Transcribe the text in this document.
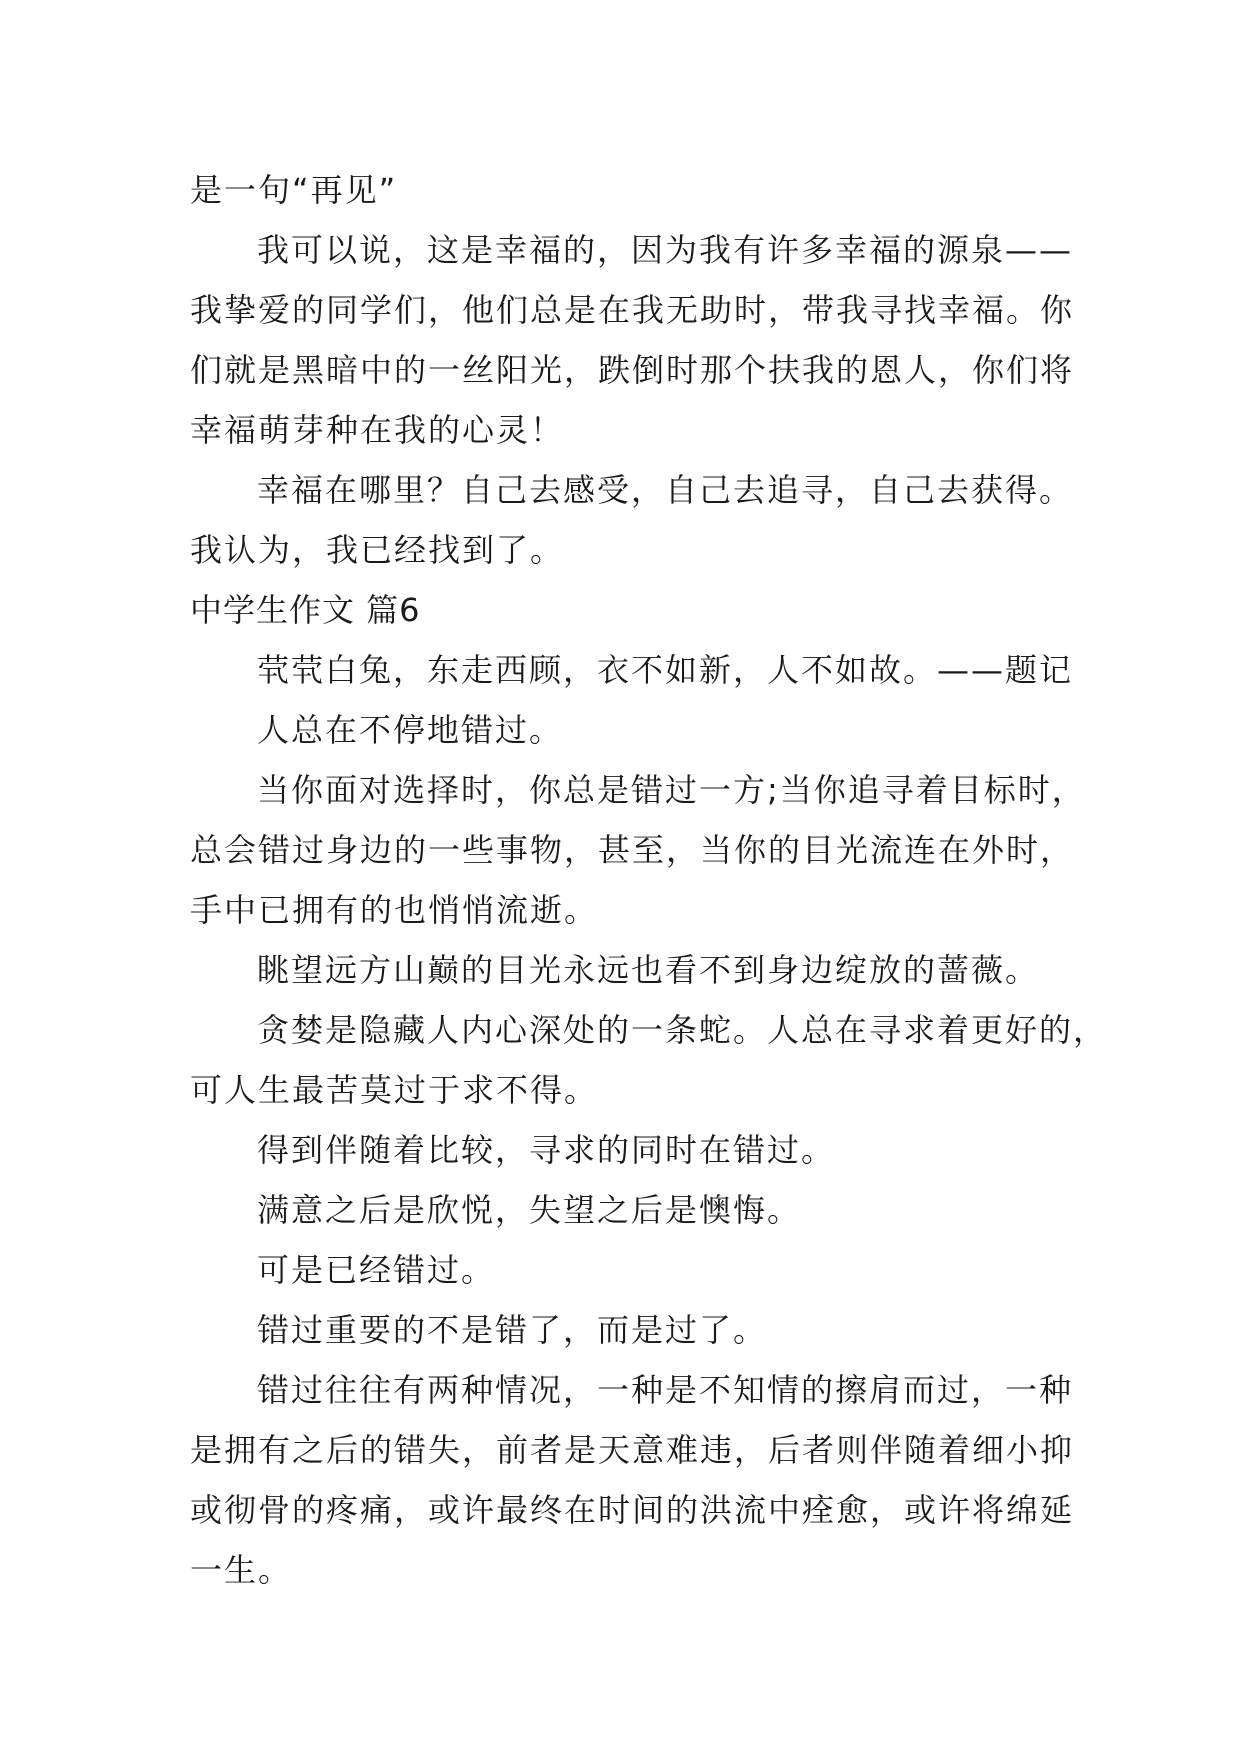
是一句“再见”
我可以说，这是幸福的，因为我有许多幸福的源泉——
我挚爱的同学们，他们总是在我无助时，带我寻找幸福。你
们就是黑暗中的一丝阳光，跌倒时那个扶我的恩人，你们将
幸福萌芽种在我的心灵！
幸福在哪里？自己去感受，自己去追寻，自己去获得。
我认为，我已经找到了。
中学生作文 篇6
茕茕白兔，东走西顾，衣不如新，人不如故。——题记
人总在不停地错过。
当你面对选择时，你总是错过一方;当你追寻着目标时，
总会错过身边的一些事物，甚至，当你的目光流连在外时，
手中已拥有的也悄悄流逝。
眺望远方山巅的目光永远也看不到身边绽放的蔷薇。
贪婪是隐藏人内心深处的一条蛇。人总在寻求着更好的，
可人生最苦莫过于求不得。
得到伴随着比较，寻求的同时在错过。
满意之后是欣悦，失望之后是懊悔。
可是已经错过。
错过重要的不是错了，而是过了。
错过往往有两种情况，一种是不知情的擦肩而过，一种
是拥有之后的错失，前者是天意难违，后者则伴随着细小抑
或彻骨的疼痛，或许最终在时间的洪流中痊愈，或许将绵延
一生。
